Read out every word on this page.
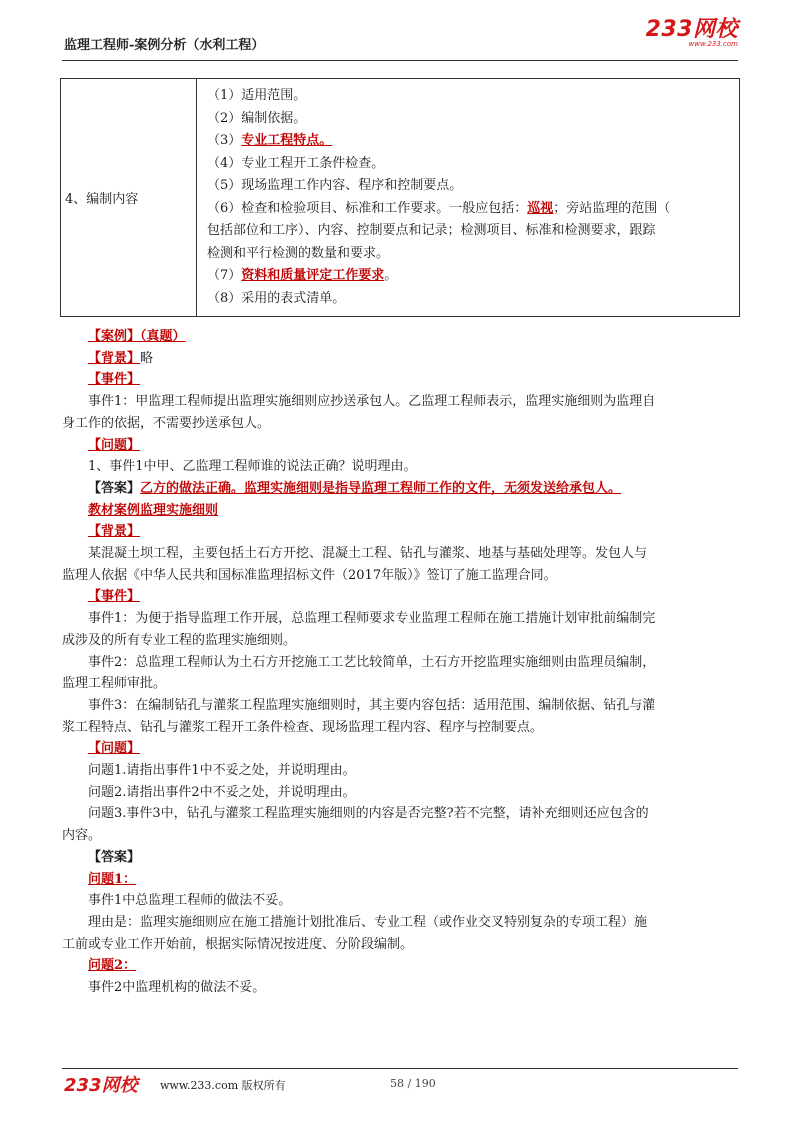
监理工程师-案例分析（水利工程）
233网校
www.233.com
4、编制内容	
（1）适用范围。
（2）编制依据。
（3）专业工程特点。
（4）专业工程开工条件检查。
（5）现场监理工作内容、程序和控制要点。
（6）检查和检验项目、标准和工作要求。一般应包括：巡视；旁站监理的范围（
包括部位和工序）、内容、控制要点和记录；检测项目、标准和检测要求，跟踪
检测和平行检测的数量和要求。
（7）资料和质量评定工作要求。
（8）采用的表式清单。

【案例】（真题）

【背景】略

【事件】

事件1：甲监理工程师提出监理实施细则应抄送承包人。乙监理工程师表示，监理实施细则为监理自

身工作的依据，不需要抄送承包人。

【问题】

1、事件1中甲、乙监理工程师谁的说法正确？说明理由。

【答案】乙方的做法正确。监理实施细则是指导监理工程师工作的文件，无须发送给承包人。

教材案例监理实施细则

【背景】

某混凝土坝工程，主要包括土石方开挖、混凝土工程、钻孔与灌浆、地基与基础处理等。发包人与

监理人依据《中华人民共和国标准监理招标文件（2017年版）》签订了施工监理合同。

【事件】

事件1：为便于指导监理工作开展，总监理工程师要求专业监理工程师在施工措施计划审批前编制完

成涉及的所有专业工程的监理实施细则。

事件2：总监理工程师认为土石方开挖施工工艺比较简单，土石方开挖监理实施细则由监理员编制，

监理工程师审批。

事件3：在编制钻孔与灌浆工程监理实施细则时，其主要内容包括：适用范围、编制依据、钻孔与灌

浆工程特点、钻孔与灌浆工程开工条件检查、现场监理工程内容、程序与控制要点。

【问题】

问题1.请指出事件1中不妥之处，并说明理由。

问题2.请指出事件2中不妥之处，并说明理由。

问题3.事件3中，钻孔与灌浆工程监理实施细则的内容是否完整?若不完整，请补充细则还应包含的

内容。

【答案】

问题1：

事件1中总监理工程师的做法不妥。

理由是：监理实施细则应在施工措施计划批准后、专业工程（或作业交叉特别复杂的专项工程）施

工前或专业工作开始前，根据实际情况按进度、分阶段编制。

问题2：

事件2中监理机构的做法不妥。

233网校 www.233.com 版权所有	58 / 190
